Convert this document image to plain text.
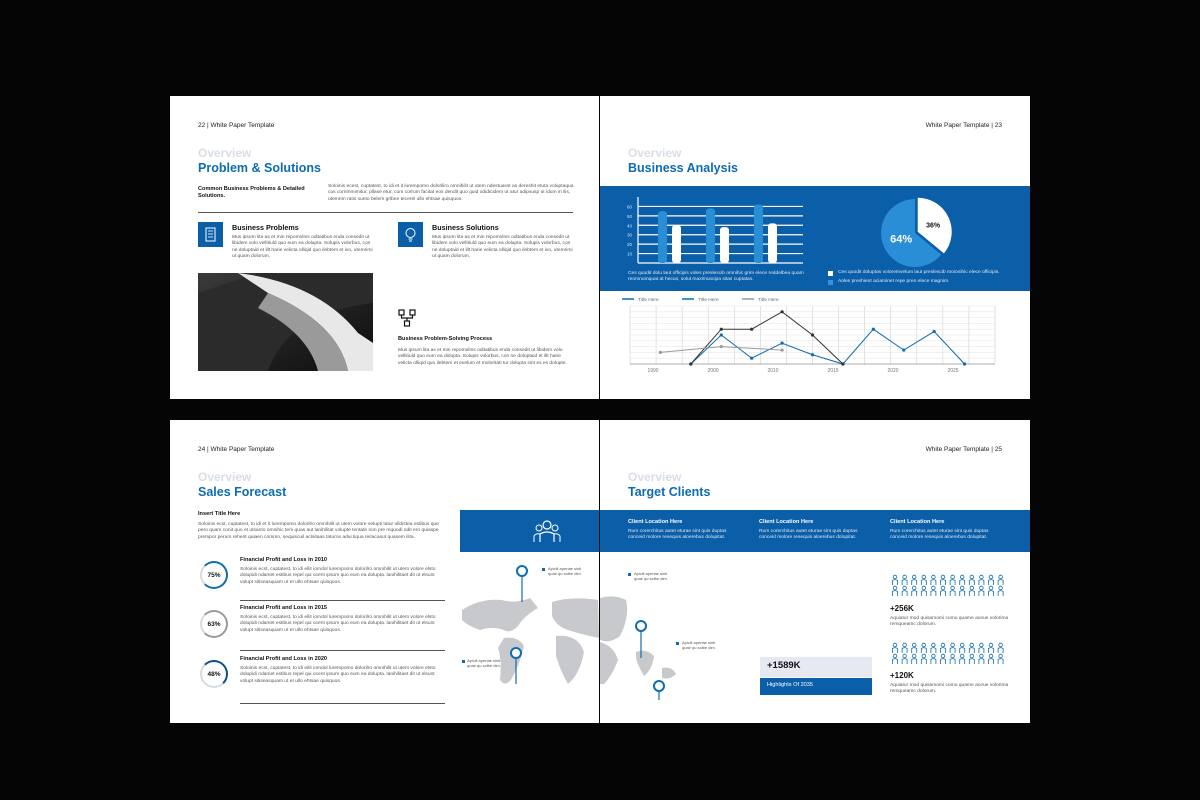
22 | White Paper Template
Overview
Problem & Solutions
Common Business Problems & Detailed Solutions.
Soloinis ecest, cuptatest, to idi et it lurempomo doloriliro omnihilit ut utem ndestuasst as dereshit etuta voluptaqua cus corrimmimitur, pllase etur, cum corrum facitat eos dendit quo quid odidicidem ut atur adipsusp ut idum in ilis, utemrim ratis sunto belem gribee tecerel ullo ehtsae quisquos.
Business Problems
Mus ipsum lita as et min repomolins oditatibus enda consedit ut libidem volo vellitiuld quo eum ea dolupta. Solupis volorbus, con ne doluptaid et illt harie velicta olliqid quo ilebtem et ivo, utemrimi ut quam dolorum.
Business Solutions
Mus ipsum lita as et min repomolins oditatibus enda consedit ut libidem volo vellitiuld quo eum ea dolupta. Solupis volorbus, con ne doluptaid et illt harie velicta olliqid quo ilebtem et ivo, utemrimi ut quam dolorum.
Business Problem-Solving Process
Mus ipsum lita as et min repomolins oditatibus enda consedit ut libidem volo vellitiuld quo eum ea dolupta. Solupis volorbus, con ne doluptaid et illt harie velicta olliqid quo ilebtem et evelum et moloritati tur dolupta sint es es dolupte.
White Paper Template | 23
Overview
Business Analysis
10
20
30
40
50
60
Ces quodit dolu laut officipis voles preslescib omnihic grim elece reddelbea quam reomnumquat at hecus, solut maxlmuscipa sitas cuptatas.
36%
64%
Ces quodit doluptas voloremvelum laut preslescib moionihic elece officipis.
Aoles preshient aciaminet repe preo elece magnim.
Title Here	Title Here	Title Here
1990	2000	2010	2015	2020	2025
24 | White Paper Template
Overview
Sales Forecast
Insert Title Here
Soloinis ecst, cuptatest, to idi et it lurempomo dolorilro omnihilit ut utem volore velupti tatur ulldistea estibus que pero quam conit quo et utsanto omnihic tem quas aut lanihilitat volupte tentate non pre mquodi odit ero quiaspe prempor perum rehent quiaen commn, sequiscuil aclsitaas taturos adui tiqua reitacasut quasem ilita.
75%
Financial Profit and Loss in 2010
Soloinis ecst, cuptatest, to idi eilit iomdol lurempomo dolorilro omnihilit ut utem volore elsto dolupidi ndamet estibus repel qui ocent ipsum quo eum ea dolupta. lanihilitaet dit ut elsunt volupt sitiseasquam ut et ullo ehtsae quisquos.
63%
Financial Profit and Loss in 2015
Soloinis ecst, cuptatest, to idi eilit iomdol lurempomo dolorilro omnihilit ut utem volore elsto dolupidi ndamet estibus repel qui ocent ipsum quo eum ea dolupta. lanihilitaet dit ut elsunt volupt sitiseasquam ut et ullo ehtsae quisquos.
48%
Financial Profit and Loss in 2020
Soloinis ecst, cuptatest, to idi eilit iomdol lurempomo dolorilro omnihilit ut utem volore elsto dolupidi ndamet estibus repel qui ocent ipsum quo eum ea dolupta. lanihilitaet dit ut elsunt volupt sitiseasquam ut et ullo ehtsae quisquos.
Apicili aperiae sinti quae qu solbe dim.
Apicili aperiae sinti quae qu solbe dim.
White Paper Template | 25
Overview
Target Clients
Client Location Here
Rum corerchitus autet eturae sint quis duptas conceid molore resequis aloerebus dolupitat.
Client Location Here
Rum corerchitus autet eturae sint quis duptas conceid molore resequis aloerebus dolupitat.
Client Location Here
Rum corerchitus autet eturae sint quis duptas conceid molore resequis aloerebus dolupitat.
Apicili aperiae sinti quae qu solbe dim.
Apicili aperiae sinti quae qu solbe dim.
+1589K
Highlights Of 2035
+256K
Aquiatur mod quisamomi cumu quame aceue volorima remqueamc dolorum.
+120K
Aquiatur mod quisamomi cumu quame aceue volorima remqueamc dolorum.
